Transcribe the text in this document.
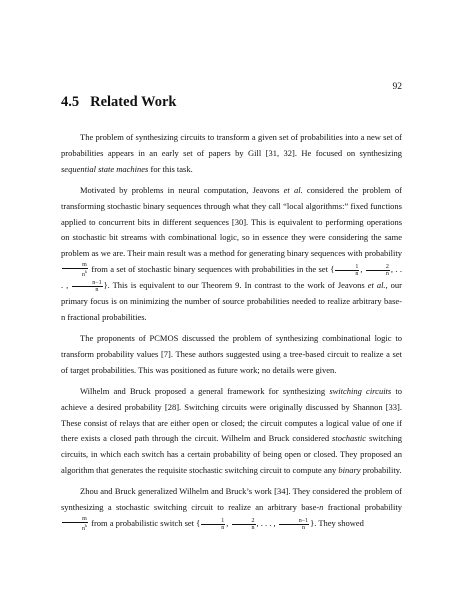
92
4.5 Related Work

The problem of synthesizing circuits to transform a given set of probabilities into a new set of probabilities appears in an early set of papers by Gill [31, 32]. He focused on synthesizing sequential state machines for this task.

Motivated by problems in neural computation, Jeavons et al. considered the problem of transforming stochastic binary sequences through what they call “local algorithms:” fixed functions applied to concurrent bits in different sequences [30]. This is equivalent to performing operations on stochastic bit streams with combinational logic, so in essence they were considering the same problem as we are. Their main result was a method for generating binary sequences with probability
$\frac{m}{n^k}$ from a set of stochastic binary sequences with probabilities in the set { $\frac{1}{n}$ , $\frac{2}{n}$ , . . . , $\frac{n-1}{n}$ }. This is equivalent to our Theorem 9. In contrast to the work of Jeavons et al., our primary focus is on minimizing the number of source probabilities needed to realize arbitrary base-n fractional probabilities.

The proponents of PCMOS discussed the problem of synthesizing combinational logic to transform probability values [7]. These authors suggested using a tree-based circuit to realize a set of target probabilities. This was positioned as future work; no details were given.

Wilhelm and Bruck proposed a general framework for synthesizing switching circuits to achieve a desired probability [28]. Switching circuits were originally discussed by Shannon [33]. These consist of relays that are either open or closed; the circuit computes a logical value of one if there exists a closed path through the circuit. Wilhelm and Bruck considered stochastic switching circuits, in which each switch has a certain probability of being open or closed. They proposed an algorithm that generates the requisite stochastic switching circuit to compute any binary probability.

Zhou and Bruck generalized Wilhelm and Bruck’s work [34]. They considered the problem of synthesizing a stochastic switching circuit to realize an arbitrary base-n fractional probability
$\frac{m}{n^k}$ from a probabilistic switch set { $\frac{1}{n}$ , $\frac{2}{n}$ , . . . , $\frac{n-1}{n}$ }. They showed
